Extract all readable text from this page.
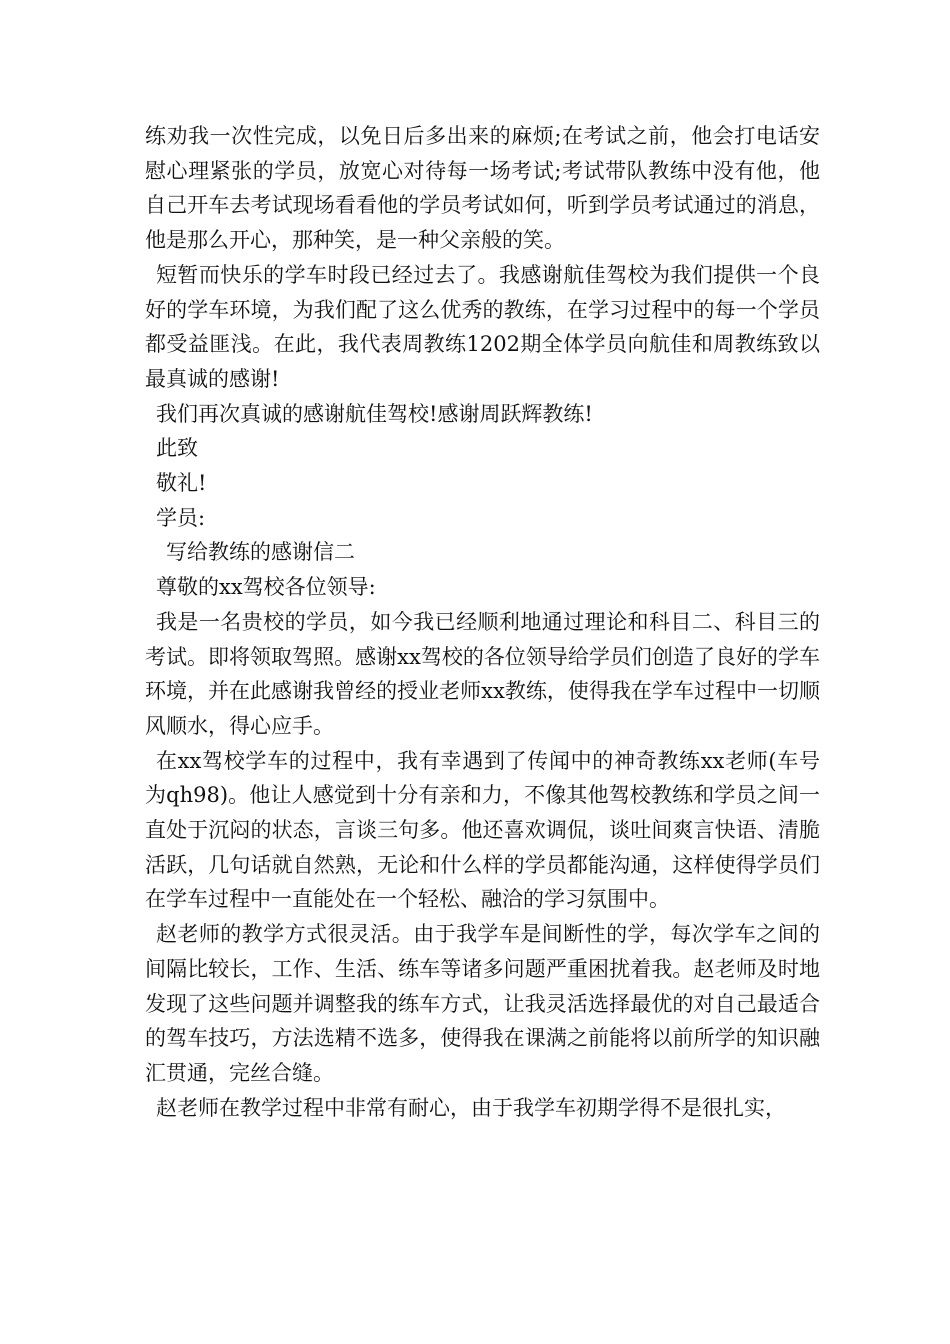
练劝我一次性完成，以免日后多出来的麻烦;在考试之前，他会打电话安慰心理紧张的学员，放宽心对待每一场考试;考试带队教练中没有他，他自己开车去考试现场看看他的学员考试如何，听到学员考试通过的消息，他是那么开心，那种笑，是一种父亲般的笑。

短暂而快乐的学车时段已经过去了。我感谢航佳驾校为我们提供一个良好的学车环境，为我们配了这么优秀的教练，在学习过程中的每一个学员都受益匪浅。在此，我代表周教练1202期全体学员向航佳和周教练致以最真诚的感谢!

我们再次真诚的感谢航佳驾校!感谢周跃辉教练!

此致

敬礼!

学员:

写给教练的感谢信二

尊敬的xx驾校各位领导:

我是一名贵校的学员，如今我已经顺利地通过理论和科目二、科目三的考试。即将领取驾照。感谢xx驾校的各位领导给学员们创造了良好的学车环境，并在此感谢我曾经的授业老师xx教练，使得我在学车过程中一切顺风顺水，得心应手。

在xx驾校学车的过程中，我有幸遇到了传闻中的神奇教练xx老师(车号为qh98)。他让人感觉到十分有亲和力，不像其他驾校教练和学员之间一直处于沉闷的状态，言谈三句多。他还喜欢调侃，谈吐间爽言快语、清脆活跃，几句话就自然熟，无论和什么样的学员都能沟通，这样使得学员们在学车过程中一直能处在一个轻松、融洽的学习氛围中。

赵老师的教学方式很灵活。由于我学车是间断性的学，每次学车之间的间隔比较长，工作、生活、练车等诸多问题严重困扰着我。赵老师及时地发现了这些问题并调整我的练车方式，让我灵活选择最优的对自己最适合的驾车技巧，方法选精不选多，使得我在课满之前能将以前所学的知识融汇贯通，完丝合缝。

赵老师在教学过程中非常有耐心，由于我学车初期学得不是很扎实，
